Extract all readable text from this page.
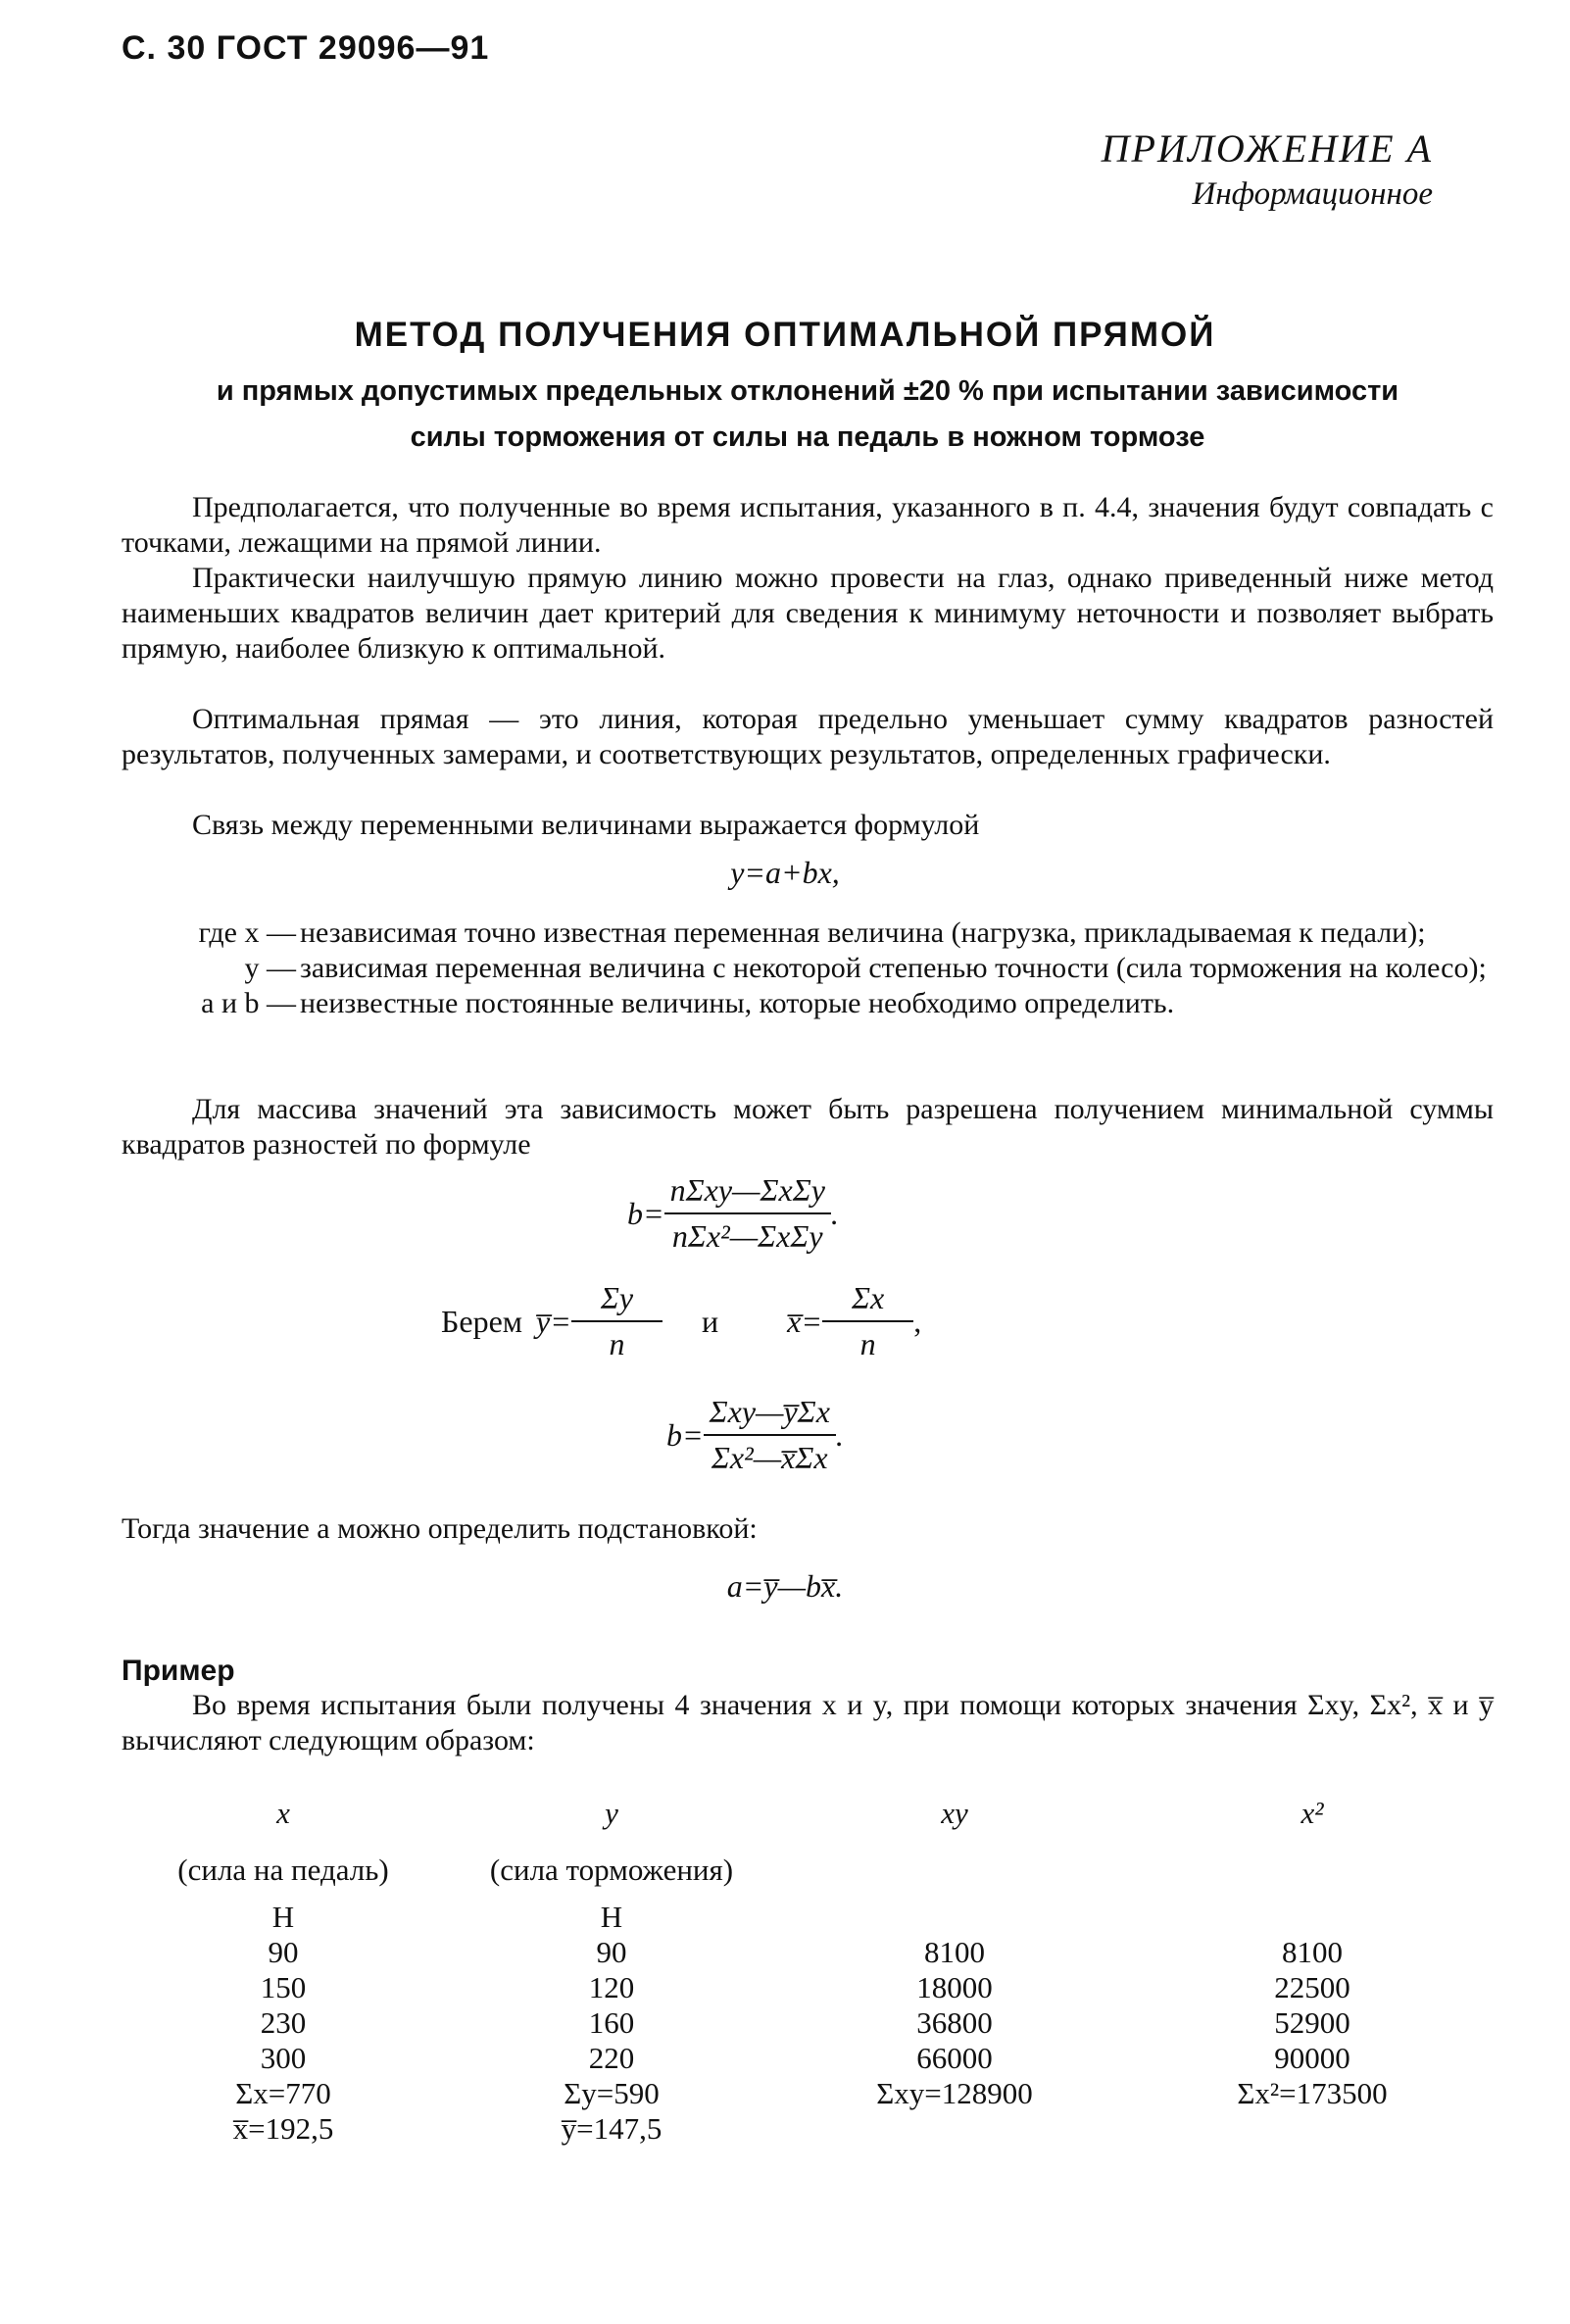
С. 30 ГОСТ 29096—91
ПРИЛОЖЕНИЕ А
Информационное
МЕТОД ПОЛУЧЕНИЯ ОПТИМАЛЬНОЙ ПРЯМОЙ
и прямых допустимых предельных отклонений ±20 % при испытании зависимости
силы торможения от силы на педаль в ножном тормозе
Предполагается, что полученные во время испытания, указанного в п. 4.4, значения будут совпадать с точками, лежащими на прямой линии.
Практически наилучшую прямую линию можно провести на глаз, однако приведенный ниже метод наименьших квадратов величин дает критерий для сведения к минимуму неточности и позволяет выбрать прямую, наиболее близкую к оптимальной.
Оптимальная прямая — это линия, которая предельно уменьшает сумму квадратов разностей результатов, полученных замерами, и соответствующих результатов, определенных графически.
Связь между переменными величинами выражается формулой
y=a+bx,
где x — независимая точно известная переменная величина (нагрузка, прикладываемая к педали);
y — зависимая переменная величина с некоторой степенью точности (сила торможения на колесо);
a и b — неизвестные постоянные величины, которые необходимо определить.
Для массива значений эта зависимость может быть разрешена получением минимальной суммы квадратов разностей по формуле
$b= \frac{\text{nΣxy—ΣxΣy}}{\text{nΣx²—ΣxΣy}}$ .
Берем y̅= $\frac{\Sigma y}{n}$ и x̅= $\frac{\Sigma x}{n}$ ,
$b= \frac{\text{Σxy—y̅Σx}}{\text{Σx²—x̅Σx}}$ .
Тогда значение a можно определить подстановкой:
a=y̅—bx̅.
Пример
Во время испытания были получены 4 значения x и y, при помощи которых значения Σxy, Σx², x̅ и y̅ вычисляют следующим образом:
x	y	xy	x²
(сила на педаль)	(сила торможения)		
Н	Н		
90	90	8100	8100
150	120	18000	22500
230	160	36800	52900
300	220	66000	90000
Σx=770	Σy=590	Σxy=128900	Σx²=173500
x̅=192,5	y̅=147,5		
